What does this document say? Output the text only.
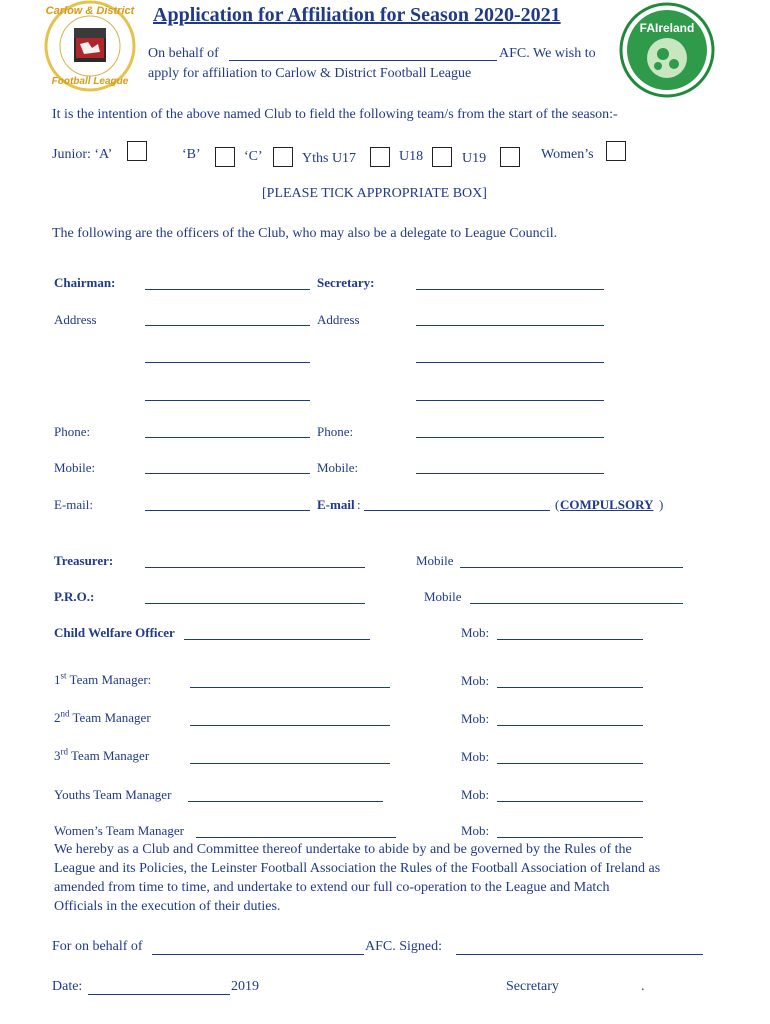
Carlow & District
Football League
FAIreland
Application for Affiliation for Season 2020-2021
On behalf of	AFC. We wish to
apply for affiliation to Carlow & District Football League
It is the intention of the above named Club to field the following team/s from the start of the season:-
Junior: ‘A’	‘B’	‘C’	Yths U17	U18	U19	Women’s
[PLEASE TICK APPROPRIATE BOX]
The following are the officers of the Club, who may also be a delegate to League Council.
Chairman:	Secretary:
Address	Address
Phone:	Phone:
Mobile:	Mobile:
E-mail:	E-mail :	( COMPULSORY )
Treasurer:	Mobile
P.R.O.:	Mobile
Child Welfare Officer	Mob:
1st Team Manager:	Mob:
2nd Team Manager	Mob:
3rd Team Manager	Mob:
Youths Team Manager	Mob:
Women’s Team Manager	Mob:
We hereby as a Club and Committee thereof undertake to abide by and be governed by the Rules of the
League and its Policies, the Leinster Football Association the Rules of the Football Association of Ireland as
amended from time to time, and undertake to extend our full co-operation to the League and Match
Officials in the execution of their duties.
For on behalf of	AFC. Signed:
Date:	2019	Secretary	.
